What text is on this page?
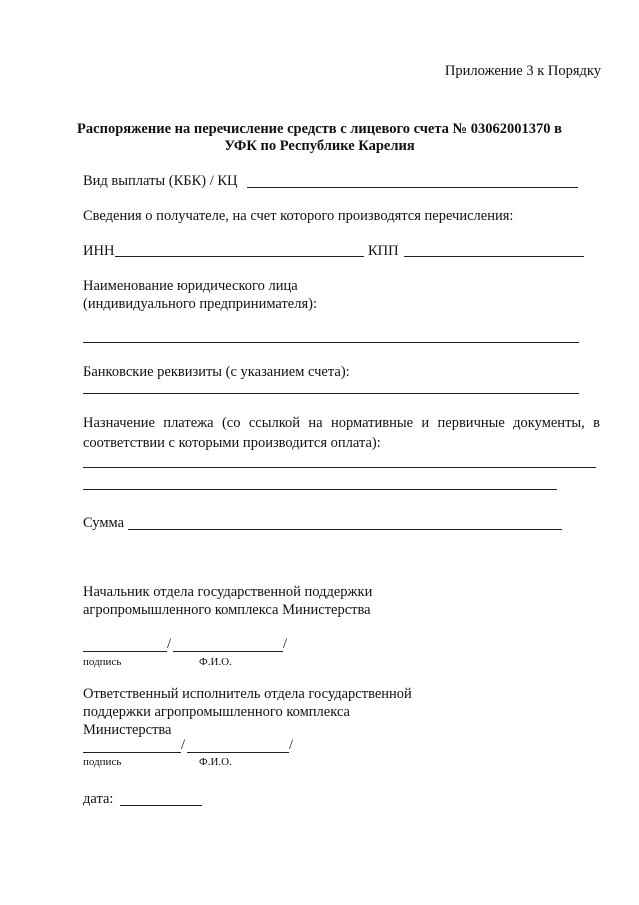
Приложение 3 к Порядку
Распоряжение на перечисление средств с лицевого счета № 03062001370 в
УФК по Республике Карелия
Вид выплаты (КБК) / КЦ
Сведения о получателе, на счет которого производятся перечисления:
ИНН	КПП
Наименование юридического лица
(индивидуального предпринимателя):
Банковские реквизиты (с указанием счета):
Назначение платежа (со ссылкой на нормативные и первичные документы, в соответствии с которыми производится оплата):
Сумма
Начальник отдела государственной поддержки
агропромышленного комплекса Министерства
/	/
подпись	Ф.И.О.
Ответственный исполнитель отдела государственной
поддержки агропромышленного комплекса
Министерства
/	/
подпись	Ф.И.О.
дата:
